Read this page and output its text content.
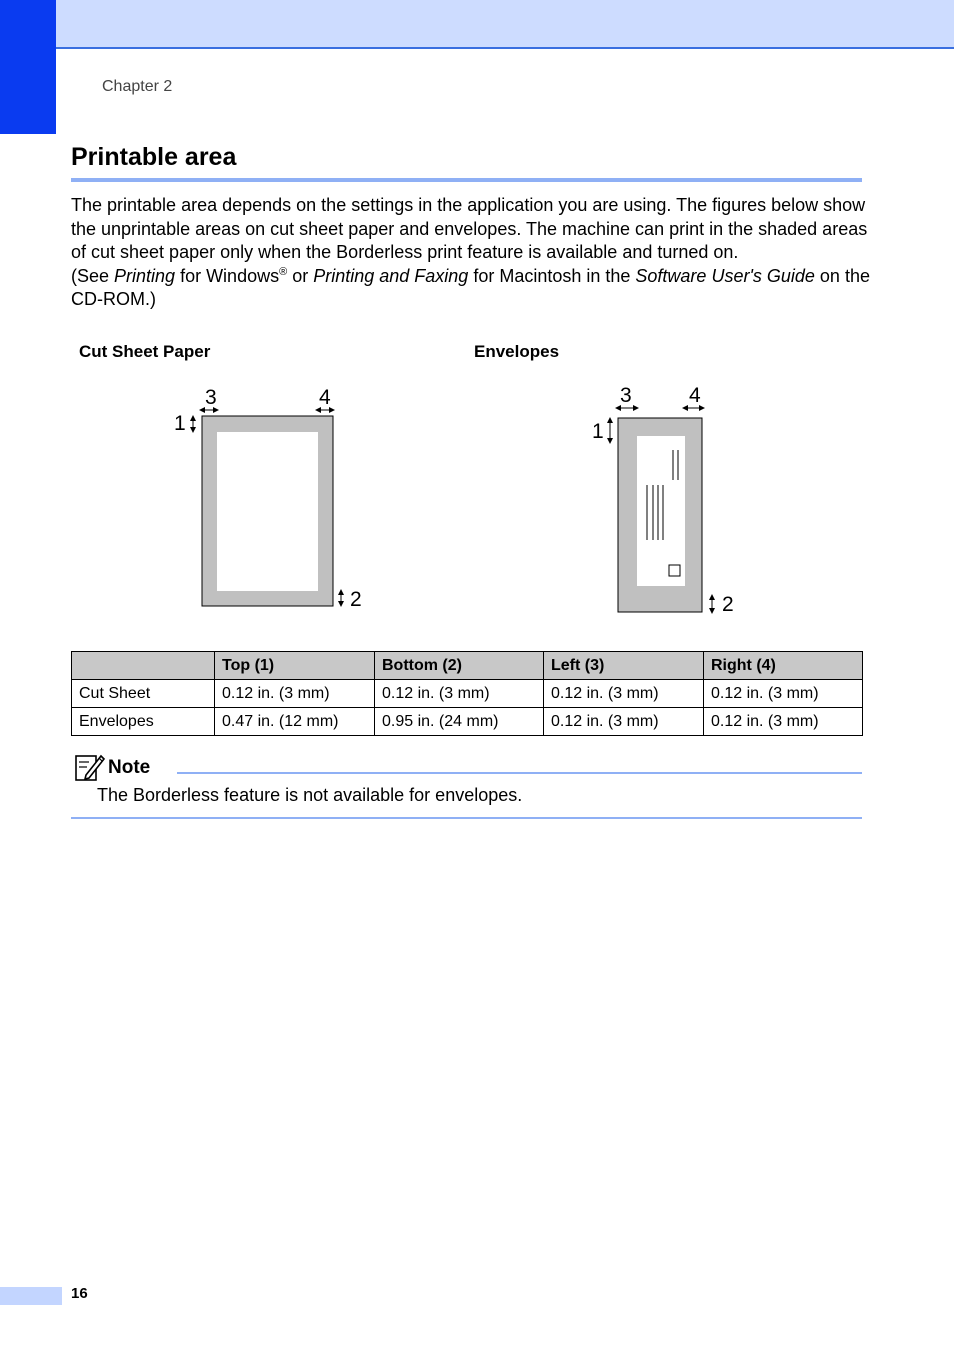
Chapter 2
Printable area

The printable area depends on the settings in the application you are using. The figures below show the unprintable areas on cut sheet paper and envelopes. The machine can print in the shaded areas of cut sheet paper only when the Borderless print feature is available and turned on.

(See Printing for Windows® or Printing and Faxing for Macintosh in the Software User's Guide on the CD-ROM.)

Cut Sheet Paper	Envelopes
3	4
1
2
3	4
1
2
	Top (1)	Bottom (2)	Left (3)	Right (4)
Cut Sheet	0.12 in. (3 mm)	0.12 in. (3 mm)	0.12 in. (3 mm)	0.12 in. (3 mm)
Envelopes	0.47 in. (12 mm)	0.95 in. (24 mm)	0.12 in. (3 mm)	0.12 in. (3 mm)
Note
The Borderless feature is not available for envelopes.
16
